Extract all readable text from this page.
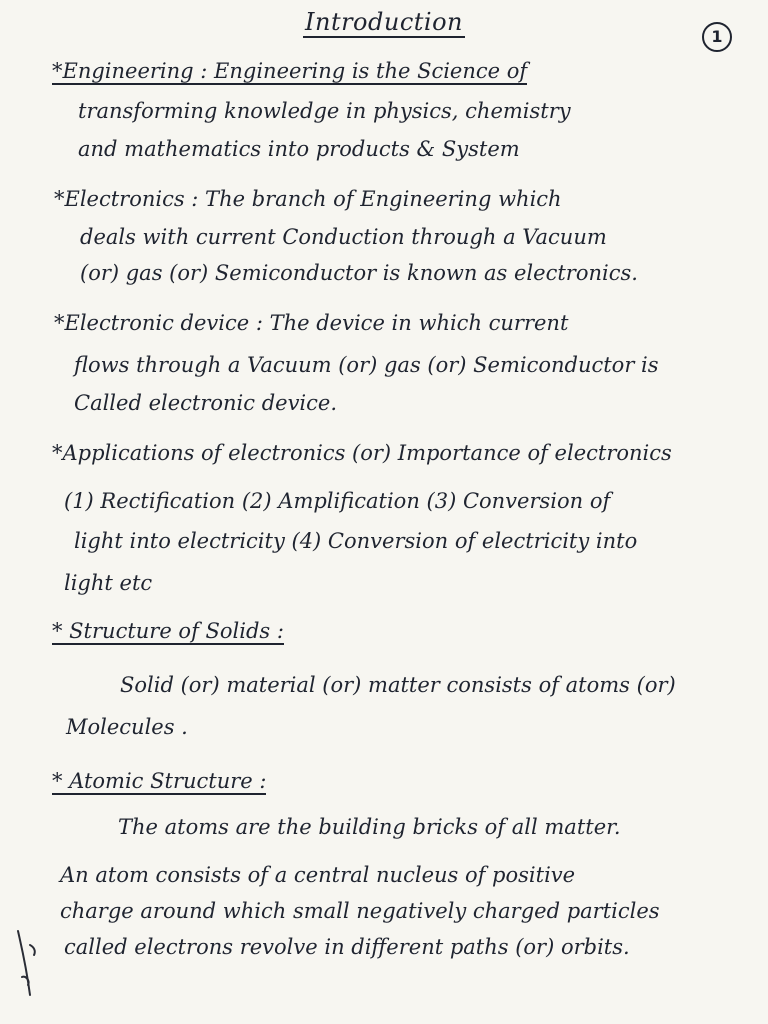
Introduction
1
*Engineering : Engineering is the Science of
transforming knowledge in physics, chemistry
and mathematics into products & System
*Electronics : The branch of Engineering which
deals with current Conduction through a Vacuum
(or) gas (or) Semiconductor is known as electronics.
*Electronic device : The device in which current
flows through a Vacuum (or) gas (or) Semiconductor is
Called electronic device.
*Applications of electronics (or) Importance of electronics
(1) Rectification (2) Amplification (3) Conversion of
light into electricity (4) Conversion of electricity into
light etc
* Structure of Solids :
Solid (or) material (or) matter consists of atoms (or)
Molecules .
* Atomic Structure :
The atoms are the building bricks of all matter.
An atom consists of a central nucleus of positive
charge around which small negatively charged particles
called electrons revolve in different paths (or) orbits.
